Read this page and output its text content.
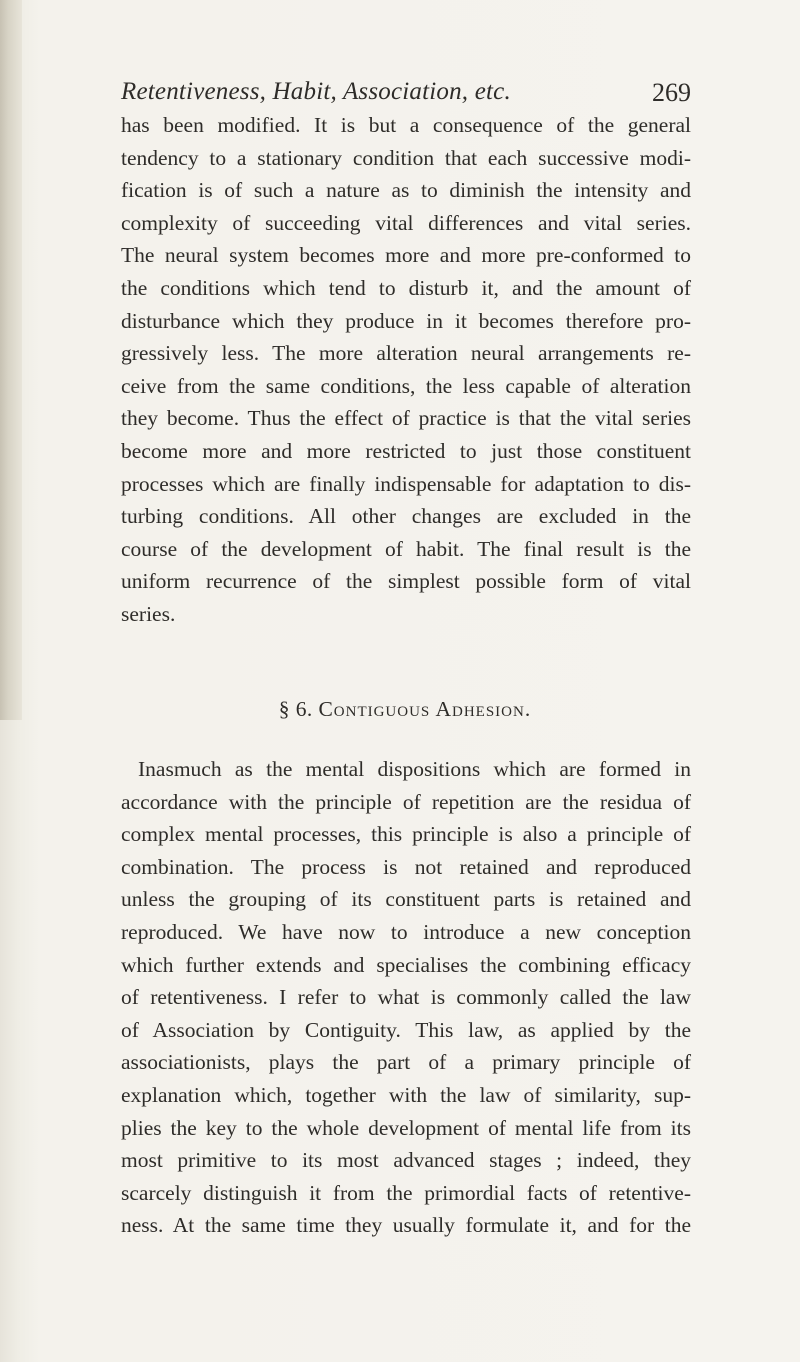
Retentiveness, Habit, Association, etc.	269
has been modified. It is but a consequence of the general
tendency to a stationary condition that each successive modi-
fication is of such a nature as to diminish the intensity and
complexity of succeeding vital differences and vital series.
The neural system becomes more and more pre-conformed to
the conditions which tend to disturb it, and the amount of
disturbance which they produce in it becomes therefore pro-
gressively less. The more alteration neural arrangements re-
ceive from the same conditions, the less capable of alteration
they become. Thus the effect of practice is that the vital series
become more and more restricted to just those constituent
processes which are finally indispensable for adaptation to dis-
turbing conditions. All other changes are excluded in the
course of the development of habit. The final result is the
uniform recurrence of the simplest possible form of vital
series.
§ 6. Contiguous Adhesion.
Inasmuch as the mental dispositions which are formed in
accordance with the principle of repetition are the residua of
complex mental processes, this principle is also a principle of
combination. The process is not retained and reproduced
unless the grouping of its constituent parts is retained and
reproduced. We have now to introduce a new conception
which further extends and specialises the combining efficacy
of retentiveness. I refer to what is commonly called the law
of Association by Contiguity. This law, as applied by the
associationists, plays the part of a primary principle of
explanation which, together with the law of similarity, sup-
plies the key to the whole development of mental life from its
most primitive to its most advanced stages ; indeed, they
scarcely distinguish it from the primordial facts of retentive-
ness. At the same time they usually formulate it, and for the
